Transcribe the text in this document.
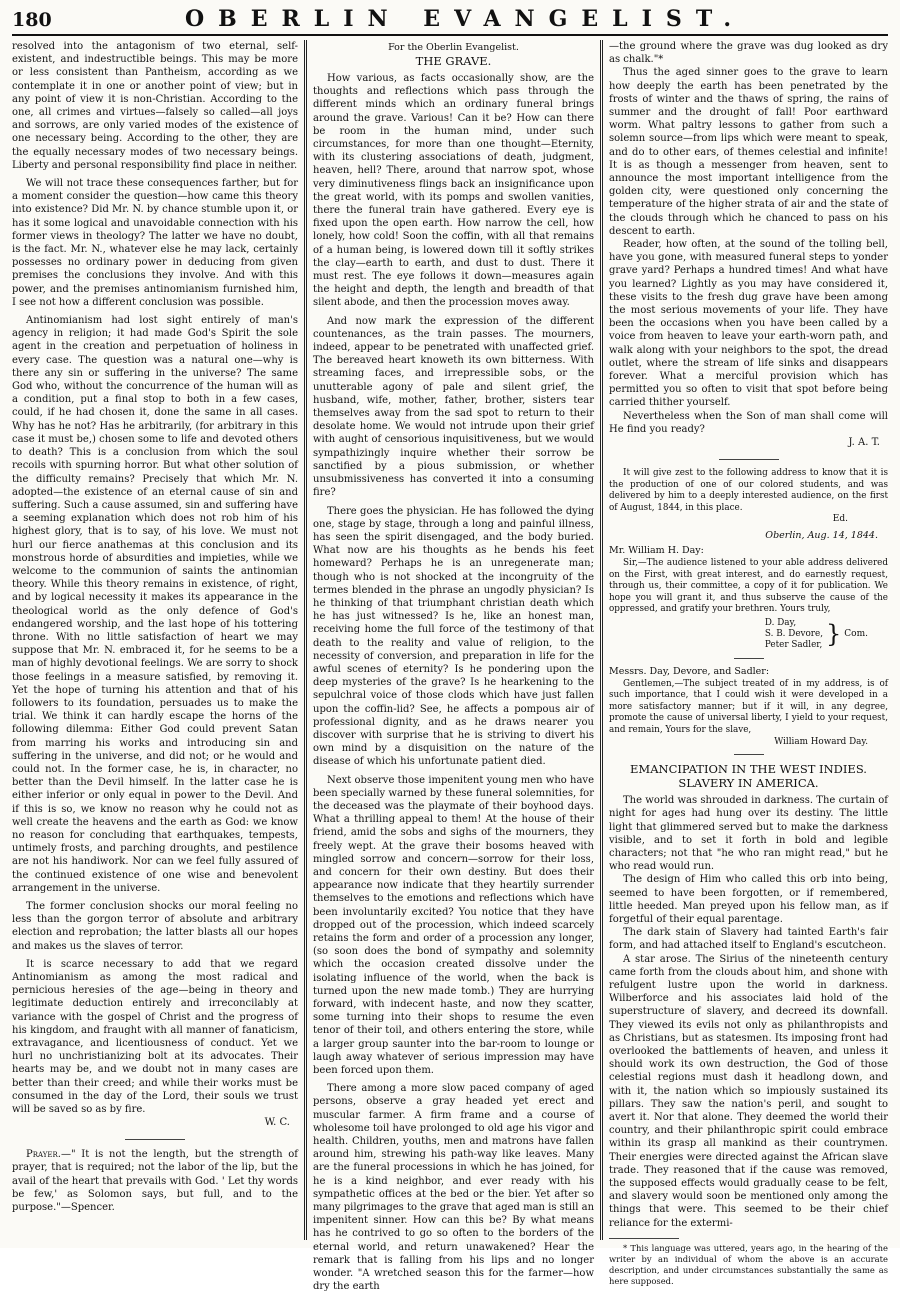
180	OBERLIN EVANGELIST.

resolved into the antagonism of two eternal, self-existent, and indestructible beings. This may be more or less consistent than Pantheism, according as we contemplate it in one or another point of view; but in any point of view it is non-Christian. According to the one, all crimes and virtues—falsely so called—all joys and sorrows, are only varied modes of the existence of one necessary being. According to the other, they are the equally necessary modes of two necessary beings. Liberty and personal responsibility find place in neither.

We will not trace these consequences farther, but for a moment consider the question—how came this theory into existence? Did Mr. N. by chance stumble upon it, or has it some logical and unavoidable connection with his former views in theology? The latter we have no doubt, is the fact. Mr. N., whatever else he may lack, certainly possesses no ordinary power in deducing from given premises the conclusions they involve. And with this power, and the premises antinomianism furnished him, I see not how a different conclusion was possible.

Antinomianism had lost sight entirely of man's agency in religion; it had made God's Spirit the sole agent in the creation and perpetuation of holiness in every case. The question was a natural one—why is there any sin or suffering in the universe? The same God who, without the concurrence of the human will as a condition, put a final stop to both in a few cases, could, if he had chosen it, done the same in all cases. Why has he not? Has he arbitrarily, (for arbitrary in this case it must be,) chosen some to life and devoted others to death? This is a conclusion from which the soul recoils with spurning horror. But what other solution of the difficulty remains? Precisely that which Mr. N. adopted—the existence of an eternal cause of sin and suffering. Such a cause assumed, sin and suffering have a seeming explanation which does not rob him of his highest glory, that is to say, of his love. We must not hurl our fierce anathemas at this conclusion and its monstrous horde of absurdities and impieties, while we welcome to the communion of saints the antinomian theory. While this theory remains in existence, of right, and by logical necessity it makes its appearance in the theological world as the only defence of God's endangered worship, and the last hope of his tottering throne. With no little satisfaction of heart we may suppose that Mr. N. embraced it, for he seems to be a man of highly devotional feelings. We are sorry to shock those feelings in a measure satisfied, by removing it. Yet the hope of turning his attention and that of his followers to its foundation, persuades us to make the trial. We think it can hardly escape the horns of the following dilemma: Either God could prevent Satan from marring his works and introducing sin and suffering in the universe, and did not; or he would and could not. In the former case, he is, in character, no better than the Devil himself. In the latter case he is either inferior or only equal in power to the Devil. And if this is so, we know no reason why he could not as well create the heavens and the earth as God: we know no reason for concluding that earthquakes, tempests, untimely frosts, and parching droughts, and pestilence are not his handiwork. Nor can we feel fully assured of the continued existence of one wise and benevolent arrangement in the universe.

The former conclusion shocks our moral feeling no less than the gorgon terror of absolute and arbitrary election and reprobation; the latter blasts all our hopes and makes us the slaves of terror.

It is scarce necessary to add that we regard Antinomianism as among the most radical and pernicious heresies of the age—being in theory and legitimate deduction entirely and irreconcilably at variance with the gospel of Christ and the progress of his kingdom, and fraught with all manner of fanaticism, extravagance, and licentiousness of conduct. Yet we hurl no unchristianizing bolt at its advocates. Their hearts may be, and we doubt not in many cases are better than their creed; and while their works must be consumed in the day of the Lord, their souls we trust will be saved so as by fire.

W. C.

Prayer.—" It is not the length, but the strength of prayer, that is required; not the labor of the lip, but the avail of the heart that prevails with God. ' Let thy words be few,' as Solomon says, but full, and to the purpose."—Spencer.

For the Oberlin Evangelist.
THE GRAVE.

How various, as facts occasionally show, are the thoughts and reflections which pass through the different minds which an ordinary funeral brings around the grave. Various! Can it be? How can there be room in the human mind, under such circumstances, for more than one thought—Eternity, with its clustering associations of death, judgment, heaven, hell? There, around that narrow spot, whose very diminutiveness flings back an insignificance upon the great world, with its pomps and swollen vanities, there the funeral train have gathered. Every eye is fixed upon the open earth. How narrow the cell, how lonely, how cold! Soon the coffin, with all that remains of a human being, is lowered down till it softly strikes the clay—earth to earth, and dust to dust. There it must rest. The eye follows it down—measures again the height and depth, the length and breadth of that silent abode, and then the procession moves away.

And now mark the expression of the different countenances, as the train passes. The mourners, indeed, appear to be penetrated with unaffected grief. The bereaved heart knoweth its own bitterness. With streaming faces, and irrepressible sobs, or the unutterable agony of pale and silent grief, the husband, wife, mother, father, brother, sisters tear themselves away from the sad spot to return to their desolate home. We would not intrude upon their grief with aught of censorious inquisitiveness, but we would sympathizingly inquire whether their sorrow be sanctified by a pious submission, or whether unsubmissiveness has converted it into a consuming fire?

There goes the physician. He has followed the dying one, stage by stage, through a long and painful illness, has seen the spirit disengaged, and the body buried. What now are his thoughts as he bends his feet homeward? Perhaps he is an unregenerate man; though who is not shocked at the incongruity of the termes blended in the phrase an ungodly physician? Is he thinking of that triumphant christian death which he has just witnessed? Is he, like an honest man, receiving home the full force of the testimony of that death to the reality and value of religion, to the necessity of conversion, and preparation in life for the awful scenes of eternity? Is he pondering upon the deep mysteries of the grave? Is he hearkening to the sepulchral voice of those clods which have just fallen upon the coffin-lid? See, he affects a pompous air of professional dignity, and as he draws nearer you discover with surprise that he is striving to divert his own mind by a disquisition on the nature of the disease of which his unfortunate patient died.

Next observe those impenitent young men who have been specially warned by these funeral solemnities, for the deceased was the playmate of their boyhood days. What a thrilling appeal to them! At the house of their friend, amid the sobs and sighs of the mourners, they freely wept. At the grave their bosoms heaved with mingled sorrow and concern—sorrow for their loss, and concern for their own destiny. But does their appearance now indicate that they heartily surrender themselves to the emotions and reflections which have been involuntarily excited? You notice that they have dropped out of the procession, which indeed scarcely retains the form and order of a procession any longer, (so soon does the bond of sympathy and solemnity which the occasion created dissolve under the isolating influence of the world, when the back is turned upon the new made tomb.) They are hurrying forward, with indecent haste, and now they scatter, some turning into their shops to resume the even tenor of their toil, and others entering the store, while a larger group saunter into the bar-room to lounge or laugh away whatever of serious impression may have been forced upon them.

There among a more slow paced company of aged persons, observe a gray headed yet erect and muscular farmer. A firm frame and a course of wholesome toil have prolonged to old age his vigor and health. Children, youths, men and matrons have fallen around him, strewing his path-way like leaves. Many are the funeral processions in which he has joined, for he is a kind neighbor, and ever ready with his sympathetic offices at the bed or the bier. Yet after so many pilgrimages to the grave that aged man is still an impenitent sinner. How can this be? By what means has he contrived to go so often to the borders of the eternal world, and return unawakened? Hear the remark that is falling from his lips and no longer wonder. "A wretched season this for the farmer—how dry the earth

—the ground where the grave was dug looked as dry as chalk."*

Thus the aged sinner goes to the grave to learn how deeply the earth has been penetrated by the frosts of winter and the thaws of spring, the rains of summer and the drought of fall! Poor earthward worm. What paltry lessons to gather from such a solemn source—from lips which were meant to speak, and do to other ears, of themes celestial and infinite! It is as though a messenger from heaven, sent to announce the most important intelligence from the golden city, were questioned only concerning the temperature of the higher strata of air and the state of the clouds through which he chanced to pass on his descent to earth.

Reader, how often, at the sound of the tolling bell, have you gone, with measured funeral steps to yonder grave yard? Perhaps a hundred times! And what have you learned? Lightly as you may have considered it, these visits to the fresh dug grave have been among the most serious movements of your life. They have been the occasions when you have been called by a voice from heaven to leave your earth-worn path, and walk along with your neighbors to the spot, the dread outlet, where the stream of life sinks and disappears forever. What a merciful provision which has permitted you so often to visit that spot before being carried thither yourself.

Nevertheless when the Son of man shall come will He find you ready?

J. A. T.

It will give zest to the following address to know that it is the production of one of our colored students, and was delivered by him to a deeply interested audience, on the first of August, 1844, in this place.

Ed.
Oberlin, Aug. 14, 1844.
Mr. William H. Day:

Sir,—The audience listened to your able address delivered on the First, with great interest, and do earnestly request, through us, their committee, a copy of it for publication. We hope you will grant it, and thus subserve the cause of the oppressed, and gratify your brethren. Yours truly,

D. Day,
S. B. Devore,
Peter Sadler, } Com.
Messrs. Day, Devore, and Sadler:

Gentlemen,—The subject treated of in my address, is of such importance, that I could wish it were developed in a more satisfactory manner; but if it will, in any degree, promote the cause of universal liberty, I yield to your request, and remain, Yours for the slave,

William Howard Day.
EMANCIPATION IN THE WEST INDIES. SLAVERY IN AMERICA.

The world was shrouded in darkness. The curtain of night for ages had hung over its destiny. The little light that glimmered served but to make the darkness visible, and to set it forth in bold and legible characters; not that "he who ran might read," but he who read would run.

The design of Him who called this orb into being, seemed to have been forgotten, or if remembered, little heeded. Man preyed upon his fellow man, as if forgetful of their equal parentage.

The dark stain of Slavery had tainted Earth's fair form, and had attached itself to England's escutcheon.

A star arose. The Sirius of the nineteenth century came forth from the clouds about him, and shone with refulgent lustre upon the world in darkness. Wilberforce and his associates laid hold of the superstructure of slavery, and decreed its downfall. They viewed its evils not only as philanthropists and as Christians, but as statesmen. Its imposing front had overlooked the battlements of heaven, and unless it should work its own destruction, the God of those celestial regions must dash it headlong down, and with it, the nation which so impiously sustained its pillars. They saw the nation's peril, and sought to avert it. Nor that alone. They deemed the world their country, and their philanthropic spirit could embrace within its grasp all mankind as their countrymen. Their energies were directed against the African slave trade. They reasoned that if the cause was removed, the supposed effects would gradually cease to be felt, and slavery would soon be mentioned only among the things that were. This seemed to be their chief reliance for the extermi-

* This language was uttered, years ago, in the hearing of the writer by an individual of whom the above is an accurate description, and under circumstances substantially the same as here supposed.
